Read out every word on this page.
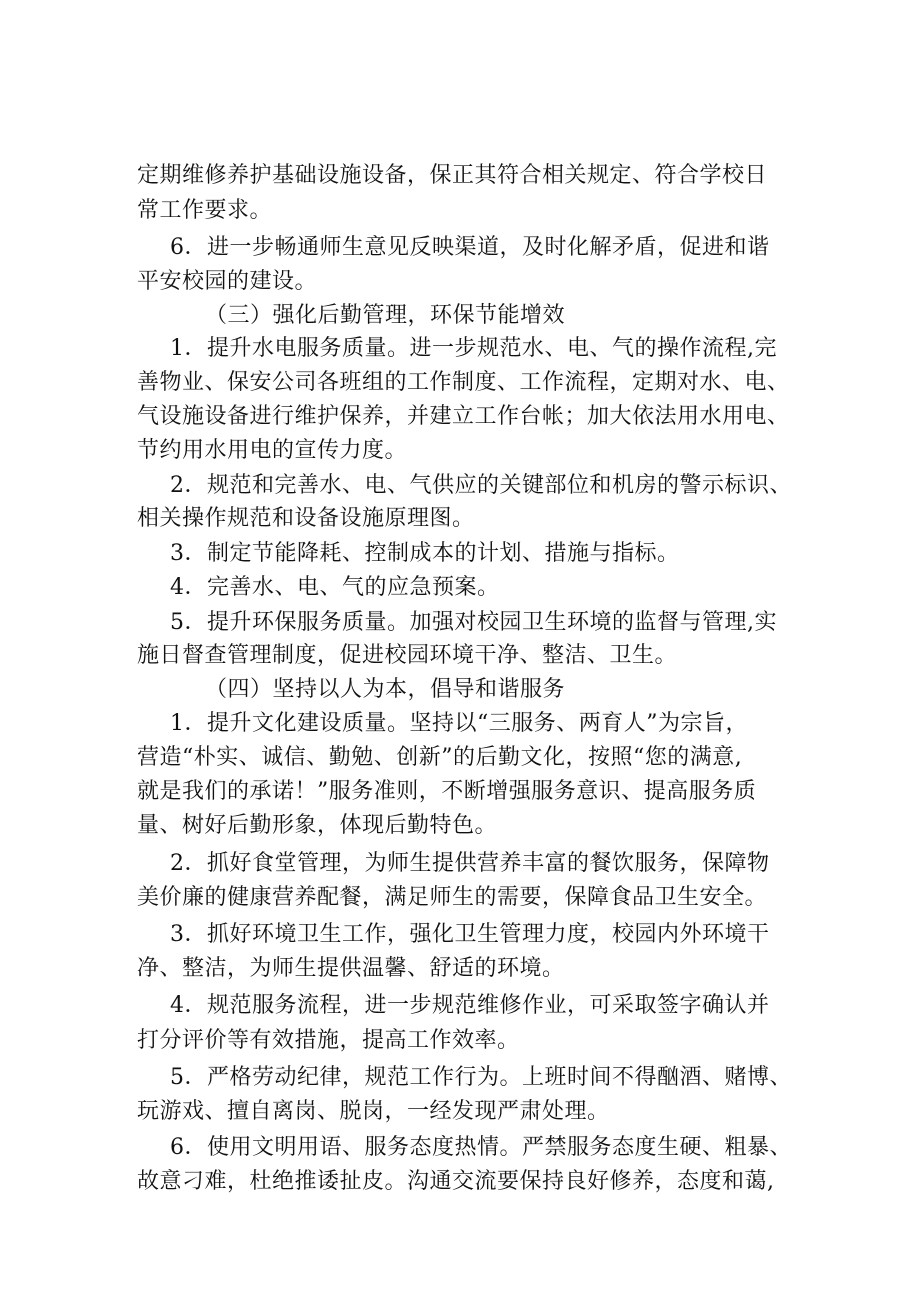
定期维修养护基础设施设备，保正其符合相关规定、符合学校日
常工作要求。
6．进一步畅通师生意见反映渠道，及时化解矛盾，促进和谐
平安校园的建设。
（三）强化后勤管理，环保节能增效
1．提升水电服务质量。进一步规范水、电、气的操作流程,完
善物业、保安公司各班组的工作制度、工作流程，定期对水、电、
气设施设备进行维护保养，并建立工作台帐；加大依法用水用电、
节约用水用电的宣传力度。
2．规范和完善水、电、气供应的关键部位和机房的警示标识、
相关操作规范和设备设施原理图。
3．制定节能降耗、控制成本的计划、措施与指标。
4．完善水、电、气的应急预案。
5．提升环保服务质量。加强对校园卫生环境的监督与管理,实
施日督查管理制度，促进校园环境干净、整洁、卫生。
（四）坚持以人为本，倡导和谐服务
1．提升文化建设质量。坚持以“三服务、两育人”为宗旨，
营造“朴实、诚信、勤勉、创新”的后勤文化，按照“您的满意,
就是我们的承诺！”服务准则，不断增强服务意识、提高服务质
量、树好后勤形象，体现后勤特色。
2．抓好食堂管理，为师生提供营养丰富的餐饮服务，保障物
美价廉的健康营养配餐，满足师生的需要，保障食品卫生安全。
3．抓好环境卫生工作，强化卫生管理力度，校园内外环境干
净、整洁，为师生提供温馨、舒适的环境。
4．规范服务流程，进一步规范维修作业，可采取签字确认并
打分评价等有效措施，提高工作效率。
5．严格劳动纪律，规范工作行为。上班时间不得酗酒、赌博、
玩游戏、擅自离岗、脱岗，一经发现严肃处理。
6．使用文明用语、服务态度热情。严禁服务态度生硬、粗暴、
故意刁难，杜绝推诿扯皮。沟通交流要保持良好修养，态度和蔼,
